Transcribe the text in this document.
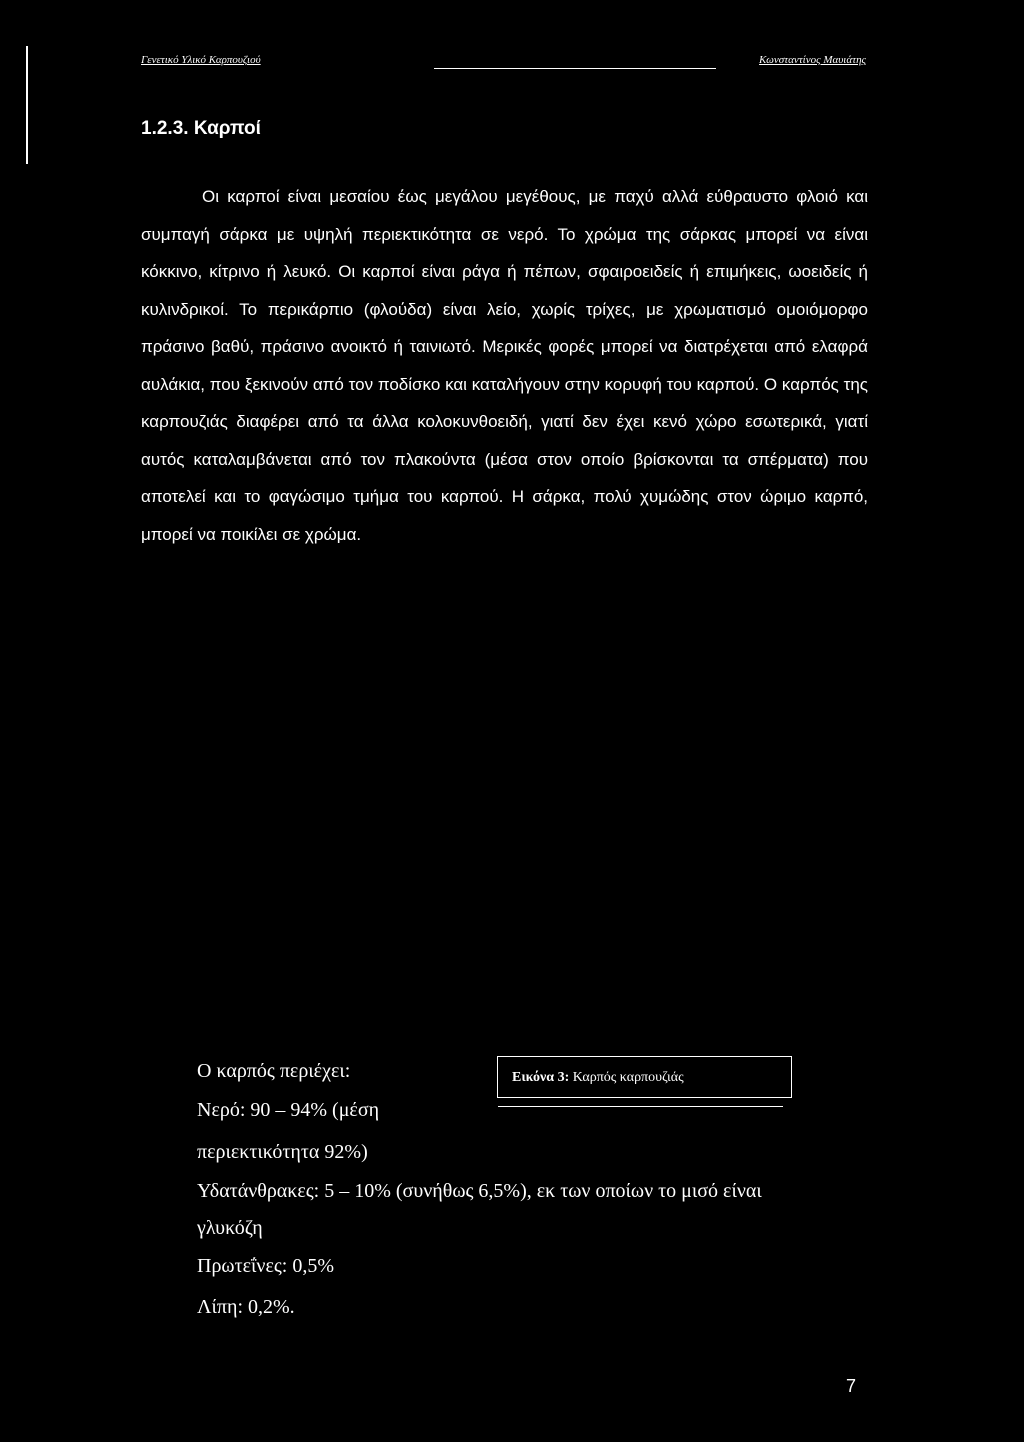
Γενετικό Υλικό Καρπουζιού	Κωνσταντίνος Μαυιάτης
1.2.3. Καρποί

Οι καρποί είναι μεσαίου έως μεγάλου μεγέθους, με παχύ αλλά εύθραυστο φλοιό και συμπαγή σάρκα με υψηλή περιεκτικότητα σε νερό. Το χρώμα της σάρκας μπορεί να είναι κόκκινο, κίτρινο ή λευκό. Οι καρποί είναι ράγα ή πέπων, σφαιροειδείς ή επιμήκεις, ωοειδείς ή κυλινδρικοί. Το περικάρπιο (φλούδα) είναι λείο, χωρίς τρίχες, με χρωματισμό ομοιόμορφο πράσινο βαθύ, πράσινο ανοικτό ή ταινιωτό. Μερικές φορές μπορεί να διατρέχεται από ελαφρά αυλάκια, που ξεκινούν από τον ποδίσκο και καταλήγουν στην κορυφή του καρπού. Ο καρπός της καρπουζιάς διαφέρει από τα άλλα κολοκυνθοειδή, γιατί δεν έχει κενό χώρο εσωτερικά, γιατί αυτός καταλαμβάνεται από τον πλακούντα (μέσα στον οποίο βρίσκονται τα σπέρματα) που αποτελεί και το φαγώσιμο τμήμα του καρπού. Η σάρκα, πολύ χυμώδης στον ώριμο καρπό, μπορεί να ποικίλει σε χρώμα.

Εικόνα 3: Καρπός καρπουζιάς
Ο καρπός περιέχει:
Νερό: 90 – 94% (μέση
περιεκτικότητα 92%)
Υδατάνθρακες: 5 – 10% (συνήθως 6,5%), εκ των οποίων το μισό είναι
γλυκόζη
Πρωτεΐνες: 0,5%
Λίπη: 0,2%.
7
